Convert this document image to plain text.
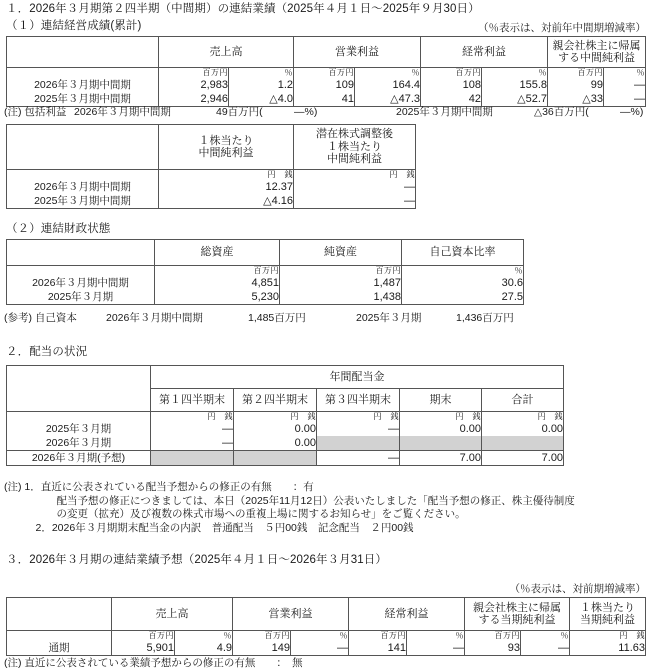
１．2026年３月期第２四半期（中間期）の連結業績（2025年４月１日～2025年９月30日）
（１）連結経営成績(累計)	（％表示は、対前年中間期増減率）
	売上高		営業利益		経常利益		親会社株主に帰属
する中間純利益	

	百万円	％	百万円	％	百万円	％	百万円	％
2026年３月期中間期	2,983	1.2	109	164.4	108	155.8	99	—
2025年３月期中間期	2,946	△4.0	41	△47.3	42	△52.7	△33	—
(注) 包括利益 2026年３月期中間期	49百万円(	—%)	2025年３月期中間期	△36百万円(	—%)

１株当たり
中間純利益

潜在株式調整後
１株当たり
中間純利益

	円　銭	円　銭
2026年３月期中間期	12.37	—
2025年３月期中間期	△4.16	—
（２）連結財政状態
	総資産	純資産	自己資本比率
	百万円	百万円	％
2026年３月期中間期	4,851	1,487	30.6
2025年３月期	5,230	1,438	27.5
(参考) 自己資本	2026年３月期中間期	1,485百万円	2025年３月期	1,436百万円
２．配当の状況
	年間配当金				
	第１四半期末	第２四半期末	第３四半期末	期末	合計
	円　銭	円　銭	円　銭	円　銭	円　銭
2025年３月期	—	0.00	—	0.00	0.00
2026年３月期	—	0.00			
2026年３月期(予想)			—	7.00	7.00
(注) 1．直近に公表されている配当予想からの修正の有無　　：有
　　　　　配当予想の修正につきましては、本日（2025年11月12日）公表いたしました「配当予想の修正、株主優待制度
　　　　　の変更（拡充）及び複数の株式市場への重複上場に関するお知らせ」をご覧ください。
　　　2．2026年３月期期末配当金の内訳　普通配当　５円00銭　記念配当　２円00銭
３．2026年３月期の連結業績予想（2025年４月１日～2026年３月31日）
（％表示は、対前期増減率）
	売上高	営業利益	経常利益	親会社株主に帰属
する当期純利益

１株当たり
当期純利益

	百万円	％	百万円	％	百万円	％	百万円	％	円　銭
通期	5,901	4.9	149	—	141	—	93	—	11.63
(注) 直近に公表されている業績予想からの修正の有無　　：　無
